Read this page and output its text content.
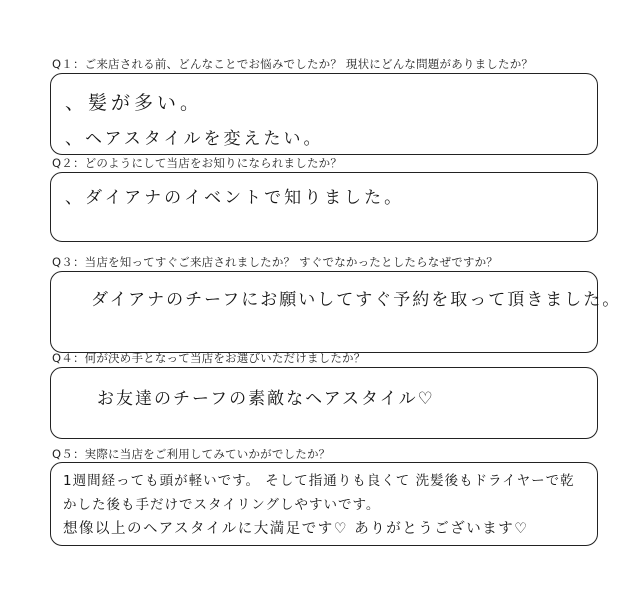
Q１：ご来店される前、どんなことでお悩みでしたか？ 現状にどんな問題がありましたか？
、髪が多い。
、ヘアスタイルを変えたい。
Q２：どのようにして当店をお知りになられましたか？
、ダイアナのイベントで知りました。
Q３：当店を知ってすぐご来店されましたか？ すぐでなかったとしたらなぜですか？
ダイアナのチーフにお願いしてすぐ予約を取って頂きました。
Q４：何が決め手となって当店をお選びいただけましたか？
お友達のチーフの素敵なヘアスタイル♡
Q５：実際に当店をご利用してみていかがでしたか？
1週間経っても頭が軽いです。 そして指通りも良くて 洗髪後もドライヤーで乾かした後も手だけでスタイリングしやすいです。
想像以上のヘアスタイルに大満足です♡ ありがとうございます♡
